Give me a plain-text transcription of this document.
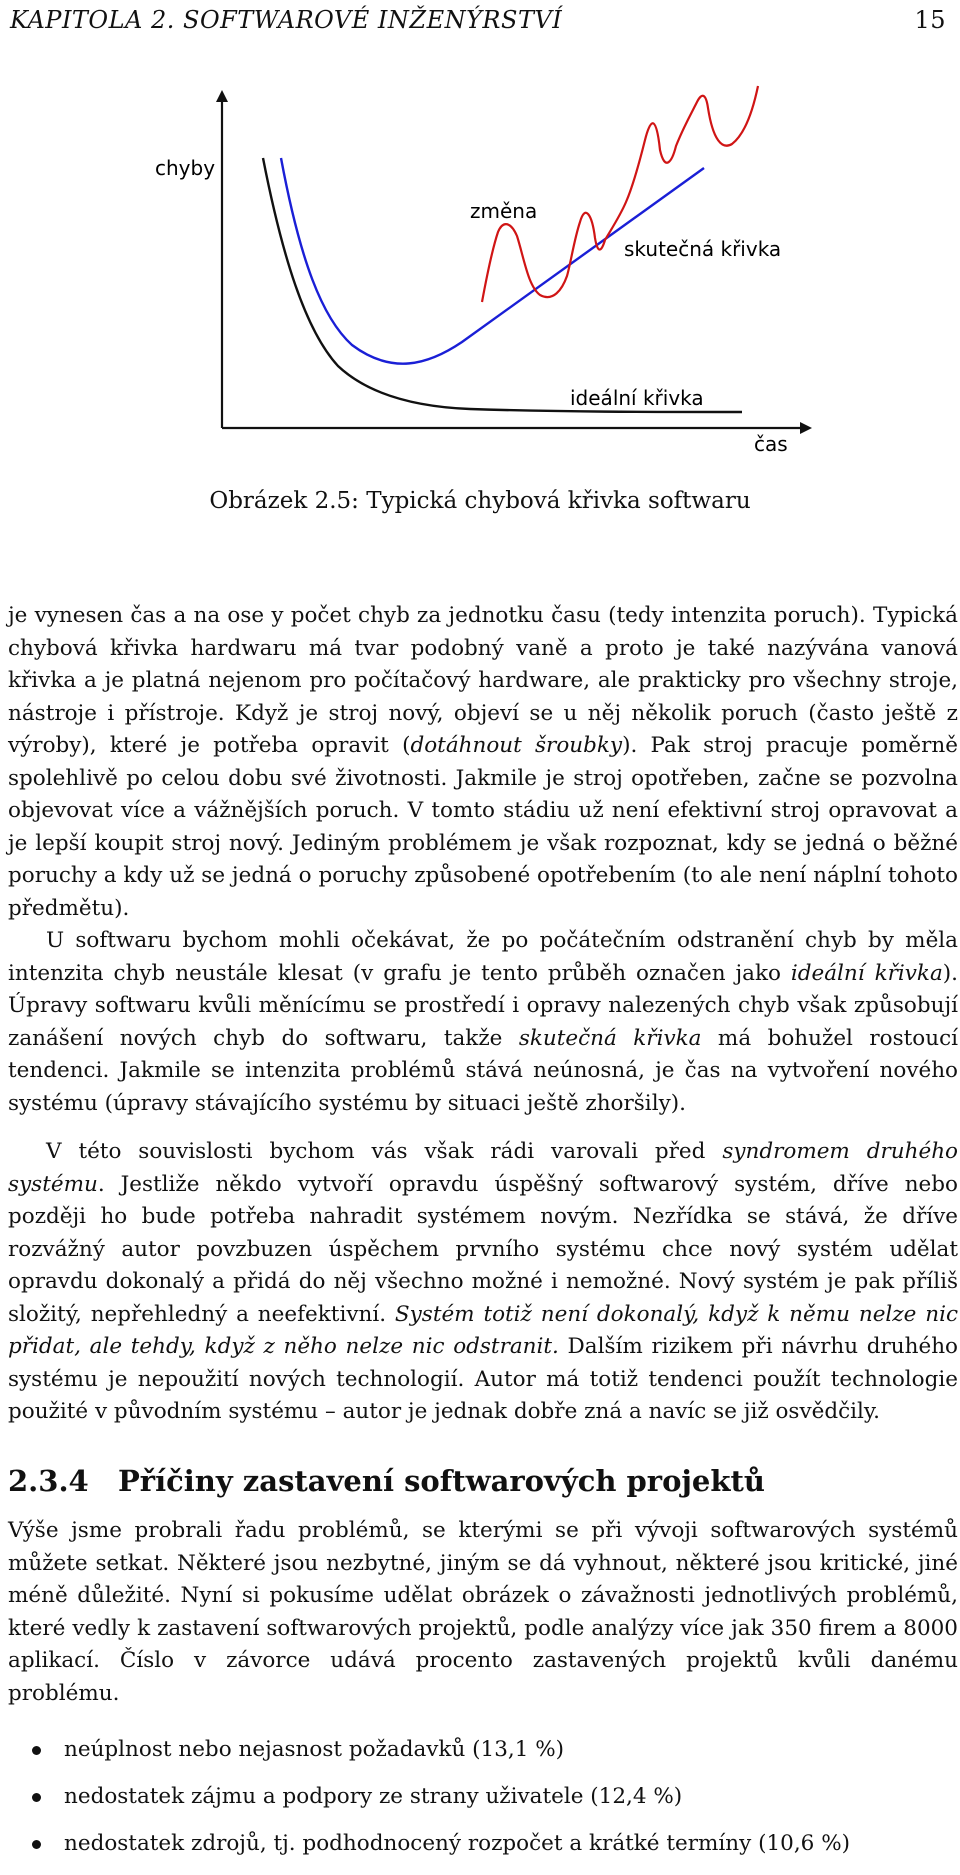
KAPITOLA 2. SOFTWAROVÉ INŽENÝRSTVÍ	15
chyby
změna
skutečná křivka
ideální křivka
čas
Obrázek 2.5: Typická chybová křivka softwaru

je vynesen čas a na ose y počet chyb za jednotku času (tedy intenzita poruch). Typická chybová křivka hardwaru má tvar podobný vaně a proto je také nazývána vanová křivka a je platná nejenom pro počítačový hardware, ale prakticky pro všechny stroje, nástroje i přístroje. Když je stroj nový, objeví se u něj několik poruch (často ještě z výroby), které je potřeba opravit (dotáhnout šroubky). Pak stroj pracuje poměrně spolehlivě po celou dobu své životnosti. Jakmile je stroj opotřeben, začne se pozvolna objevovat více a vážnějších poruch. V tomto stádiu už není efektivní stroj opravovat a je lepší koupit stroj nový. Jediným problémem je však rozpoznat, kdy se jedná o běžné poruchy a kdy už se jedná o poruchy způsobené opotřebením (to ale není náplní tohoto předmětu).

U softwaru bychom mohli očekávat, že po počátečním odstranění chyb by měla intenzita chyb neustále klesat (v grafu je tento průběh označen jako ideální křivka). Úpravy softwaru kvůli měnícímu se prostředí i opravy nalezených chyb však způsobují zanášení nových chyb do softwaru, takže skutečná křivka má bohužel rostoucí tendenci. Jakmile se intenzita problémů stává neúnosná, je čas na vytvoření nového systému (úpravy stávajícího systému by situaci ještě zhoršily).

V této souvislosti bychom vás však rádi varovali před syndromem druhého systému. Jestliže někdo vytvoří opravdu úspěšný softwarový systém, dříve nebo později ho bude potřeba nahradit systémem novým. Nezřídka se stává, že dříve rozvážný autor povzbuzen úspěchem prvního systému chce nový systém udělat opravdu dokonalý a přidá do něj všechno možné i nemožné. Nový systém je pak příliš složitý, nepřehledný a neefektivní. Systém totiž není dokonalý, když k němu nelze nic přidat, ale tehdy, když z něho nelze nic odstranit. Dalším rizikem při návrhu druhého systému je nepoužití nových technologií. Autor má totiž tendenci použít technologie použité v původním systému – autor je jednak dobře zná a navíc se již osvědčily.

2.3.4 Příčiny zastavení softwarových projektů

Výše jsme probrali řadu problémů, se kterými se při vývoji softwarových systémů můžete setkat. Některé jsou nezbytné, jiným se dá vyhnout, některé jsou kritické, jiné méně důležité. Nyní si pokusíme udělat obrázek o závažnosti jednotlivých problémů, které vedly k zastavení softwarových projektů, podle analýzy více jak 350 firem a 8000 aplikací. Číslo v závorce udává procento zastavených projektů kvůli danému problému.

neúplnost nebo nejasnost požadavků (13,1 %)
nedostatek zájmu a podpory ze strany uživatele (12,4 %)
nedostatek zdrojů, tj. podhodnocený rozpočet a krátké termíny (10,6 %)
